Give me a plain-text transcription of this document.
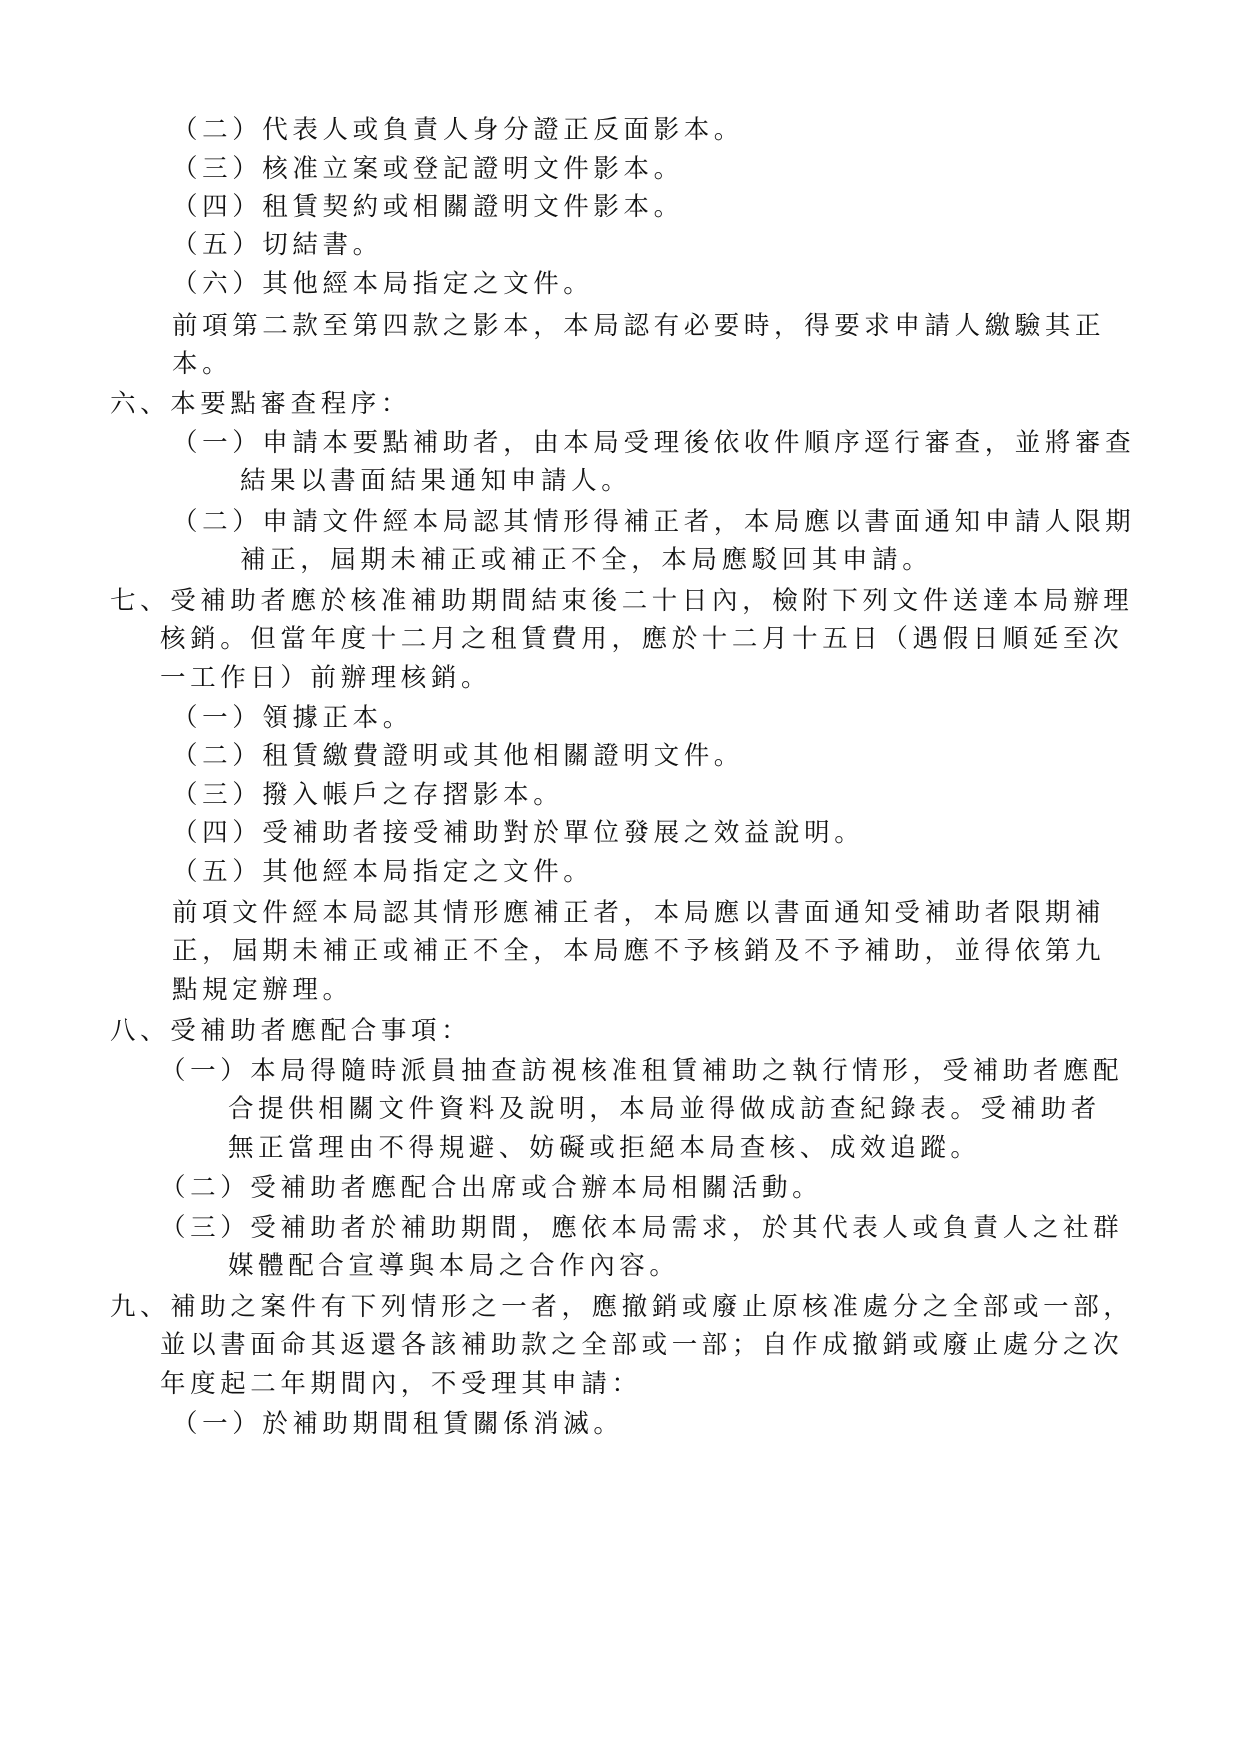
（二）代表人或負責人身分證正反面影本。
（三）核准立案或登記證明文件影本。
（四）租賃契約或相關證明文件影本。
（五）切結書。
（六）其他經本局指定之文件。
前項第二款至第四款之影本，本局認有必要時，得要求申請人繳驗其正
本。
六、本要點審查程序：
（一）申請本要點補助者，由本局受理後依收件順序逕行審查，並將審查
結果以書面結果通知申請人。
（二）申請文件經本局認其情形得補正者，本局應以書面通知申請人限期
補正，屆期未補正或補正不全，本局應駁回其申請。
七、受補助者應於核准補助期間結束後二十日內，檢附下列文件送達本局辦理
核銷。但當年度十二月之租賃費用，應於十二月十五日（遇假日順延至次
一工作日）前辦理核銷。
（一）領據正本。
（二）租賃繳費證明或其他相關證明文件。
（三）撥入帳戶之存摺影本。
（四）受補助者接受補助對於單位發展之效益說明。
（五）其他經本局指定之文件。
前項文件經本局認其情形應補正者，本局應以書面通知受補助者限期補
正，屆期未補正或補正不全，本局應不予核銷及不予補助，並得依第九
點規定辦理。
八、受補助者應配合事項：
（一）本局得隨時派員抽查訪視核准租賃補助之執行情形，受補助者應配
合提供相關文件資料及說明，本局並得做成訪查紀錄表。受補助者
無正當理由不得規避、妨礙或拒絕本局查核、成效追蹤。
（二）受補助者應配合出席或合辦本局相關活動。
（三）受補助者於補助期間，應依本局需求，於其代表人或負責人之社群
媒體配合宣導與本局之合作內容。
九、補助之案件有下列情形之一者，應撤銷或廢止原核准處分之全部或一部，
並以書面命其返還各該補助款之全部或一部；自作成撤銷或廢止處分之次
年度起二年期間內，不受理其申請：
（一）於補助期間租賃關係消滅。
